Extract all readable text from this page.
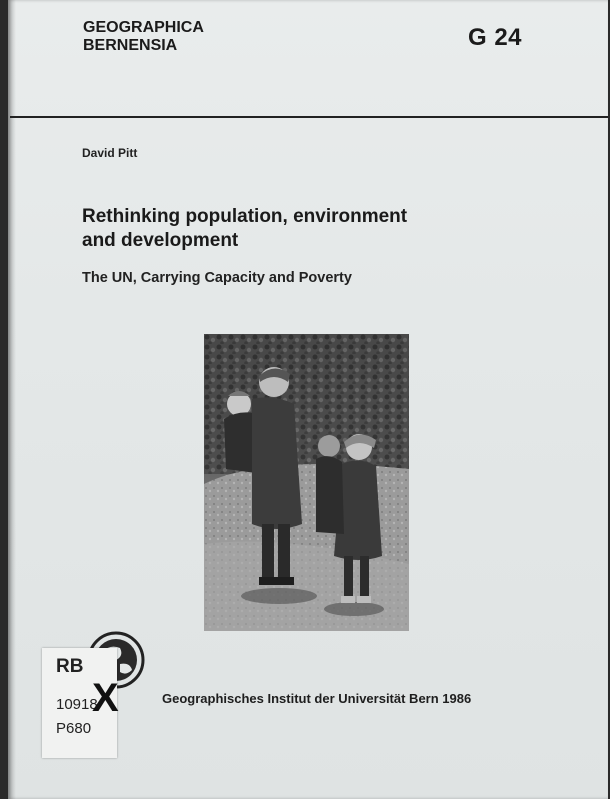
GEOGRAPHICA
BERNENSIA	G 24
David Pitt
Rethinking population, environment
and development
The UN, Carrying Capacity and Poverty
RB
10918
P680
X	Geographisches Institut der Universität Bern 1986
